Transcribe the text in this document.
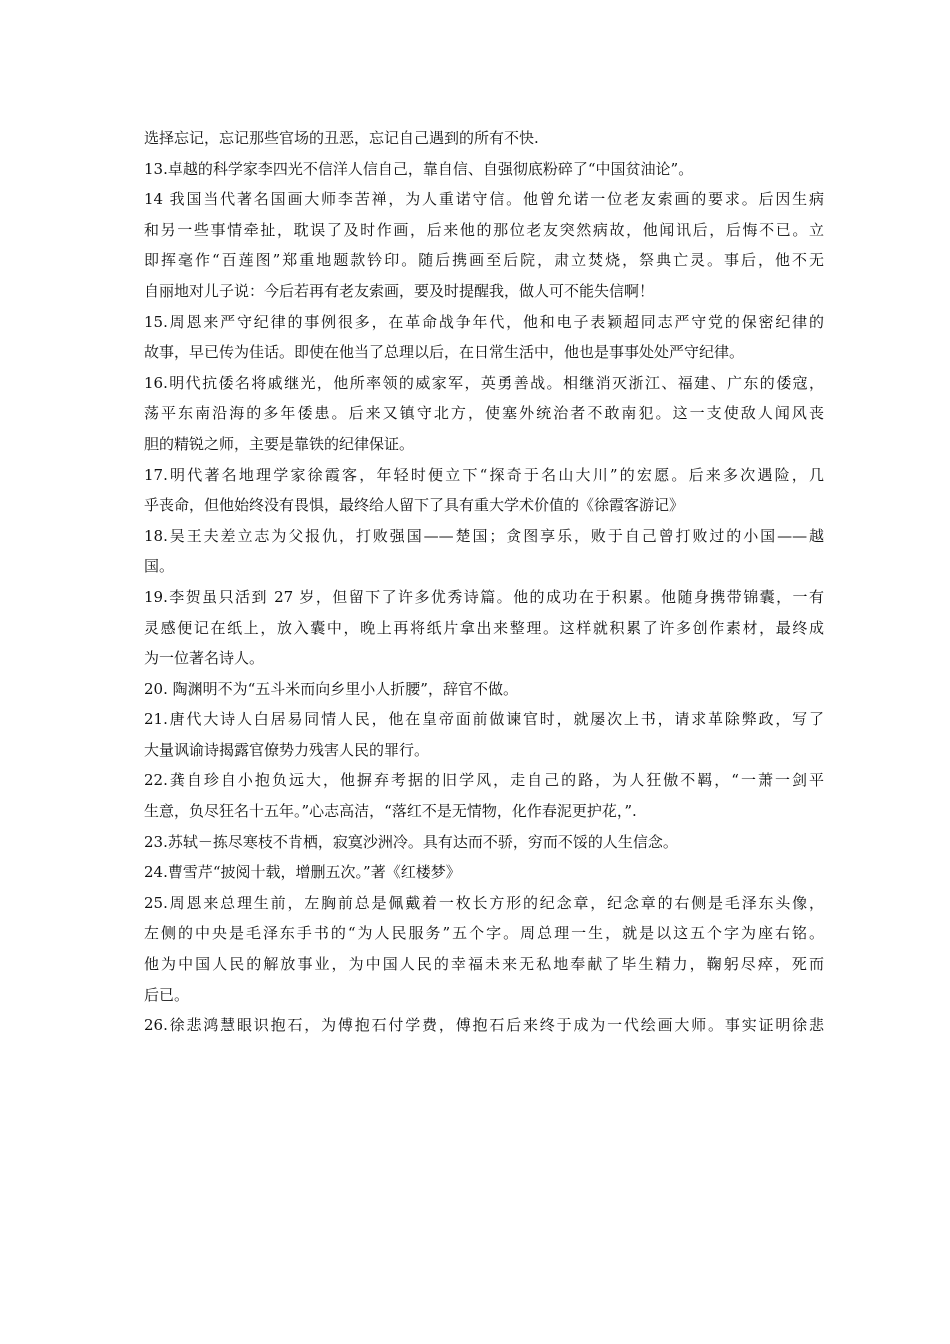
选择忘记，忘记那些官场的丑恶，忘记自己遇到的所有不快.
13.卓越的科学家李四光不信洋人信自己，靠自信、自强彻底粉碎了“中国贫油论”。
14 我国当代著名国画大师李苦禅，为人重诺守信。他曾允诺一位老友索画的要求。后因生病
和另一些事情牵扯，耽误了及时作画，后来他的那位老友突然病故，他闻讯后，后悔不已。立
即挥毫作“百莲图”郑重地题款钤印。随后携画至后院，肃立焚烧，祭典亡灵。事后，他不无
自丽地对儿子说：今后若再有老友索画，要及时提醒我，做人可不能失信啊！
15.周恩来严守纪律的事例很多，在革命战争年代，他和电子表颖超同志严守党的保密纪律的
故事，早已传为佳话。即使在他当了总理以后，在日常生活中，他也是事事处处严守纪律。
16.明代抗倭名将戚继光，他所率领的威家军，英勇善战。相继消灭浙江、福建、广东的倭寇，
荡平东南沿海的多年倭患。后来又镇守北方，使塞外统治者不敢南犯。这一支使敌人闻风丧
胆的精锐之师，主要是靠铁的纪律保证。
17.明代著名地理学家徐霞客，年轻时便立下“探奇于名山大川”的宏愿。后来多次遇险，几
乎丧命，但他始终没有畏惧，最终给人留下了具有重大学术价值的《徐霞客游记》
18.吴王夫差立志为父报仇，打败强国——楚国；贪图享乐，败于自己曾打败过的小国——越
国。
19.李贺虽只活到 27 岁，但留下了许多优秀诗篇。他的成功在于积累。他随身携带锦囊，一有
灵感便记在纸上，放入囊中，晚上再将纸片拿出来整理。这样就积累了许多创作素材，最终成
为一位著名诗人。
20. 陶渊明不为“五斗米而向乡里小人折腰”，辞官不做。
21.唐代大诗人白居易同情人民，他在皇帝面前做谏官时，就屡次上书，请求革除弊政，写了
大量讽谕诗揭露官僚势力残害人民的罪行。
22.龚自珍自小抱负远大，他摒弃考据的旧学风，走自己的路，为人狂傲不羁，“一萧一剑平
生意，负尽狂名十五年。”心志高洁，“落红不是无情物，化作春泥更护花，”.
23.苏轼－拣尽寒枝不肯栖，寂寞沙洲冷。具有达而不骄，穷而不馁的人生信念。
24.曹雪芹“披阅十载，增删五次。”著《红楼梦》
25.周恩来总理生前，左胸前总是佩戴着一枚长方形的纪念章，纪念章的右侧是毛泽东头像，
左侧的中央是毛泽东手书的“为人民服务”五个字。周总理一生，就是以这五个字为座右铭。
他为中国人民的解放事业，为中国人民的幸福未来无私地奉献了毕生精力，鞠躬尽瘁，死而
后已。
26.徐悲鸿慧眼识抱石，为傅抱石付学费，傅抱石后来终于成为一代绘画大师。事实证明徐悲
